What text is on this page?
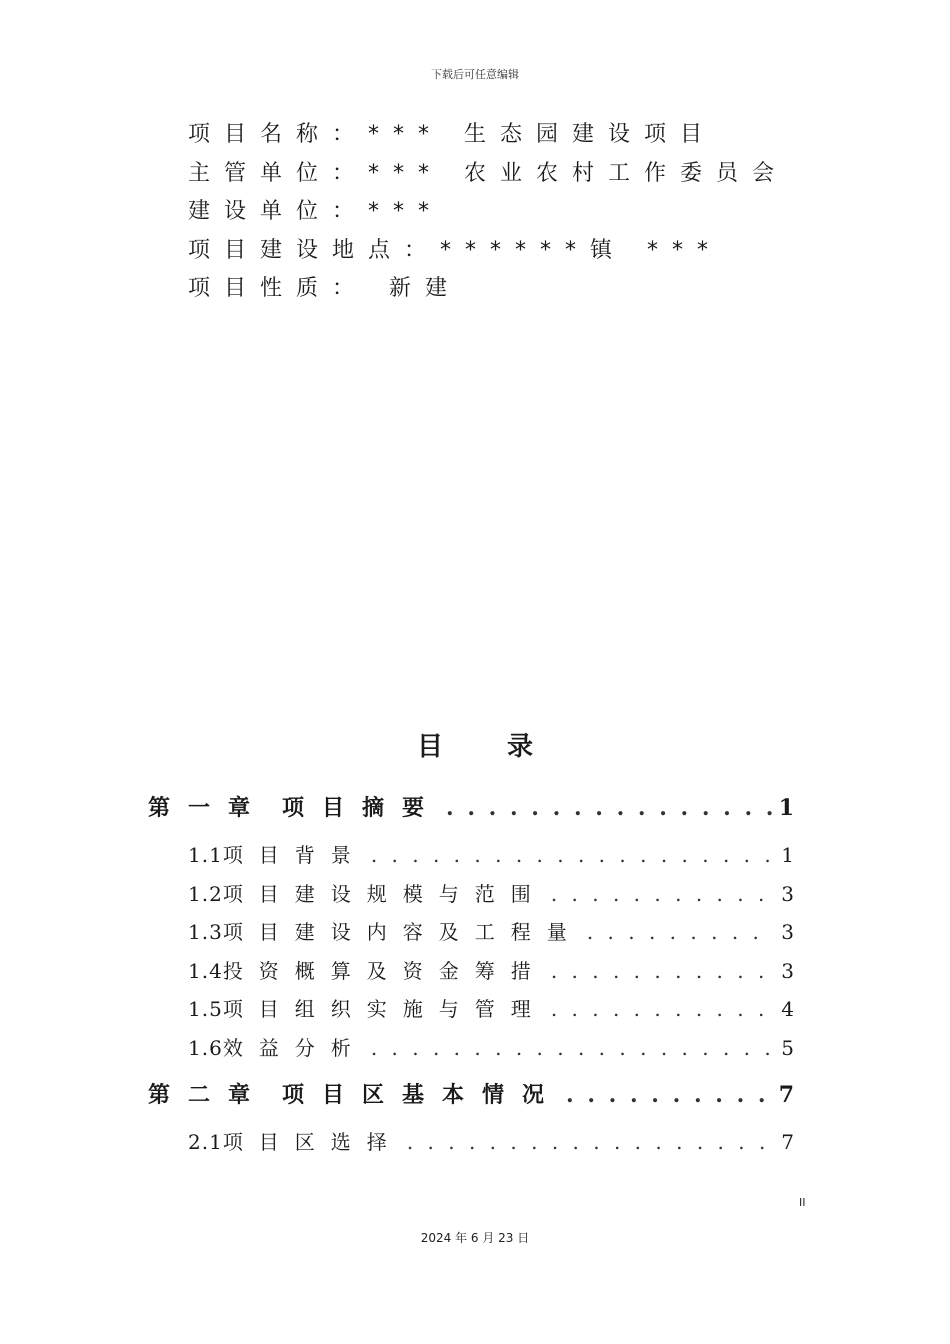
下载后可任意编辑
项目名称：*** 生态园建设项目
主管单位：*** 农业农村工作委员会
建设单位：***
项目建设地点：******镇 ***
项目性质： 新建
目录
第一章 项目摘要 . . .	1
1.1 项目背景 . . .	1
1.2 项目建设规模与范围 . . .	3
1.3 项目建设内容及工程量 . . .	3
1.4 投资概算及资金筹措 . . .	3
1.5 项目组织实施与管理 . . .	4
1.6 效益分析 . . .	5
第二章 项目区基本情况 . . .	7
2.1 项目区选择 . . .	7
II
2024 年 6 月 23 日
